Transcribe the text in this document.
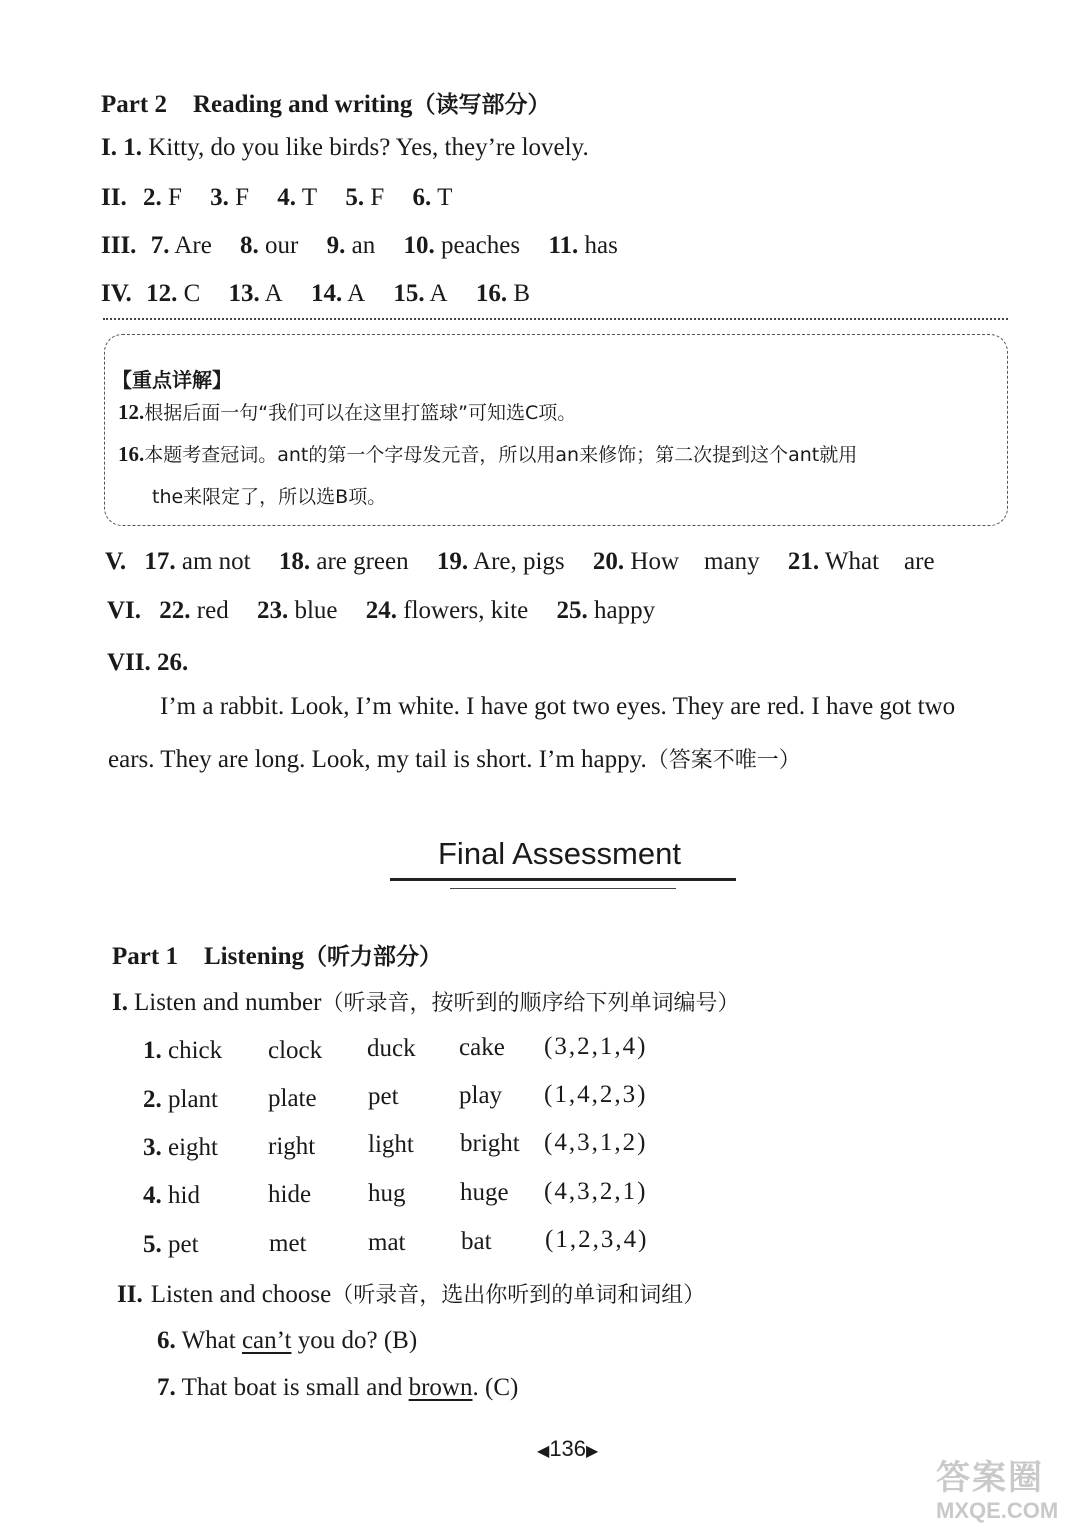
Part 2 Reading and writing（读写部分）
I. 1. Kitty, do you like birds? Yes, they’re lovely.
II. 2. F 3. F 4. T 5. F 6. T
III. 7. Are 8. our 9. an 10. peaches 11. has
IV. 12. C 13. A 14. A 15. A 16. B
【重点详解】
12.根据后面一句“我们可以在这里打篮球”可知选C项。
16.本题考查冠词。ant的第一个字母发元音，所以用an来修饰；第二次提到这个ant就用
the来限定了，所以选B项。
V. 17. am not 18. are green 19. Are, pigs 20. How    many 21. What    are
VI. 22. red 23. blue 24. flowers, kite 25. happy
VII. 26.
I’m a rabbit. Look, I’m white. I have got two eyes. They are red. I have got two
ears. They are long. Look, my tail is short. I’m happy.（答案不唯一）
Final Assessment
Part 1 Listening（听力部分）
I. Listen and number（听录音，按听到的顺序给下列单词编号）
1. chick clock duck cake (3,2,1,4)
2. plant plate pet play (1,4,2,3)
3. eight right light bright (4,3,1,2)
4. hid	hide hug huge (4,3,2,1)
5. pet	met mat bat (1,2,3,4)
II. Listen and choose（听录音，选出你听到的单词和词组）
6. What can’t you do? (B)
7. That boat is small and brown. (C)
◀136▶
答案圈
MXQE.COM
